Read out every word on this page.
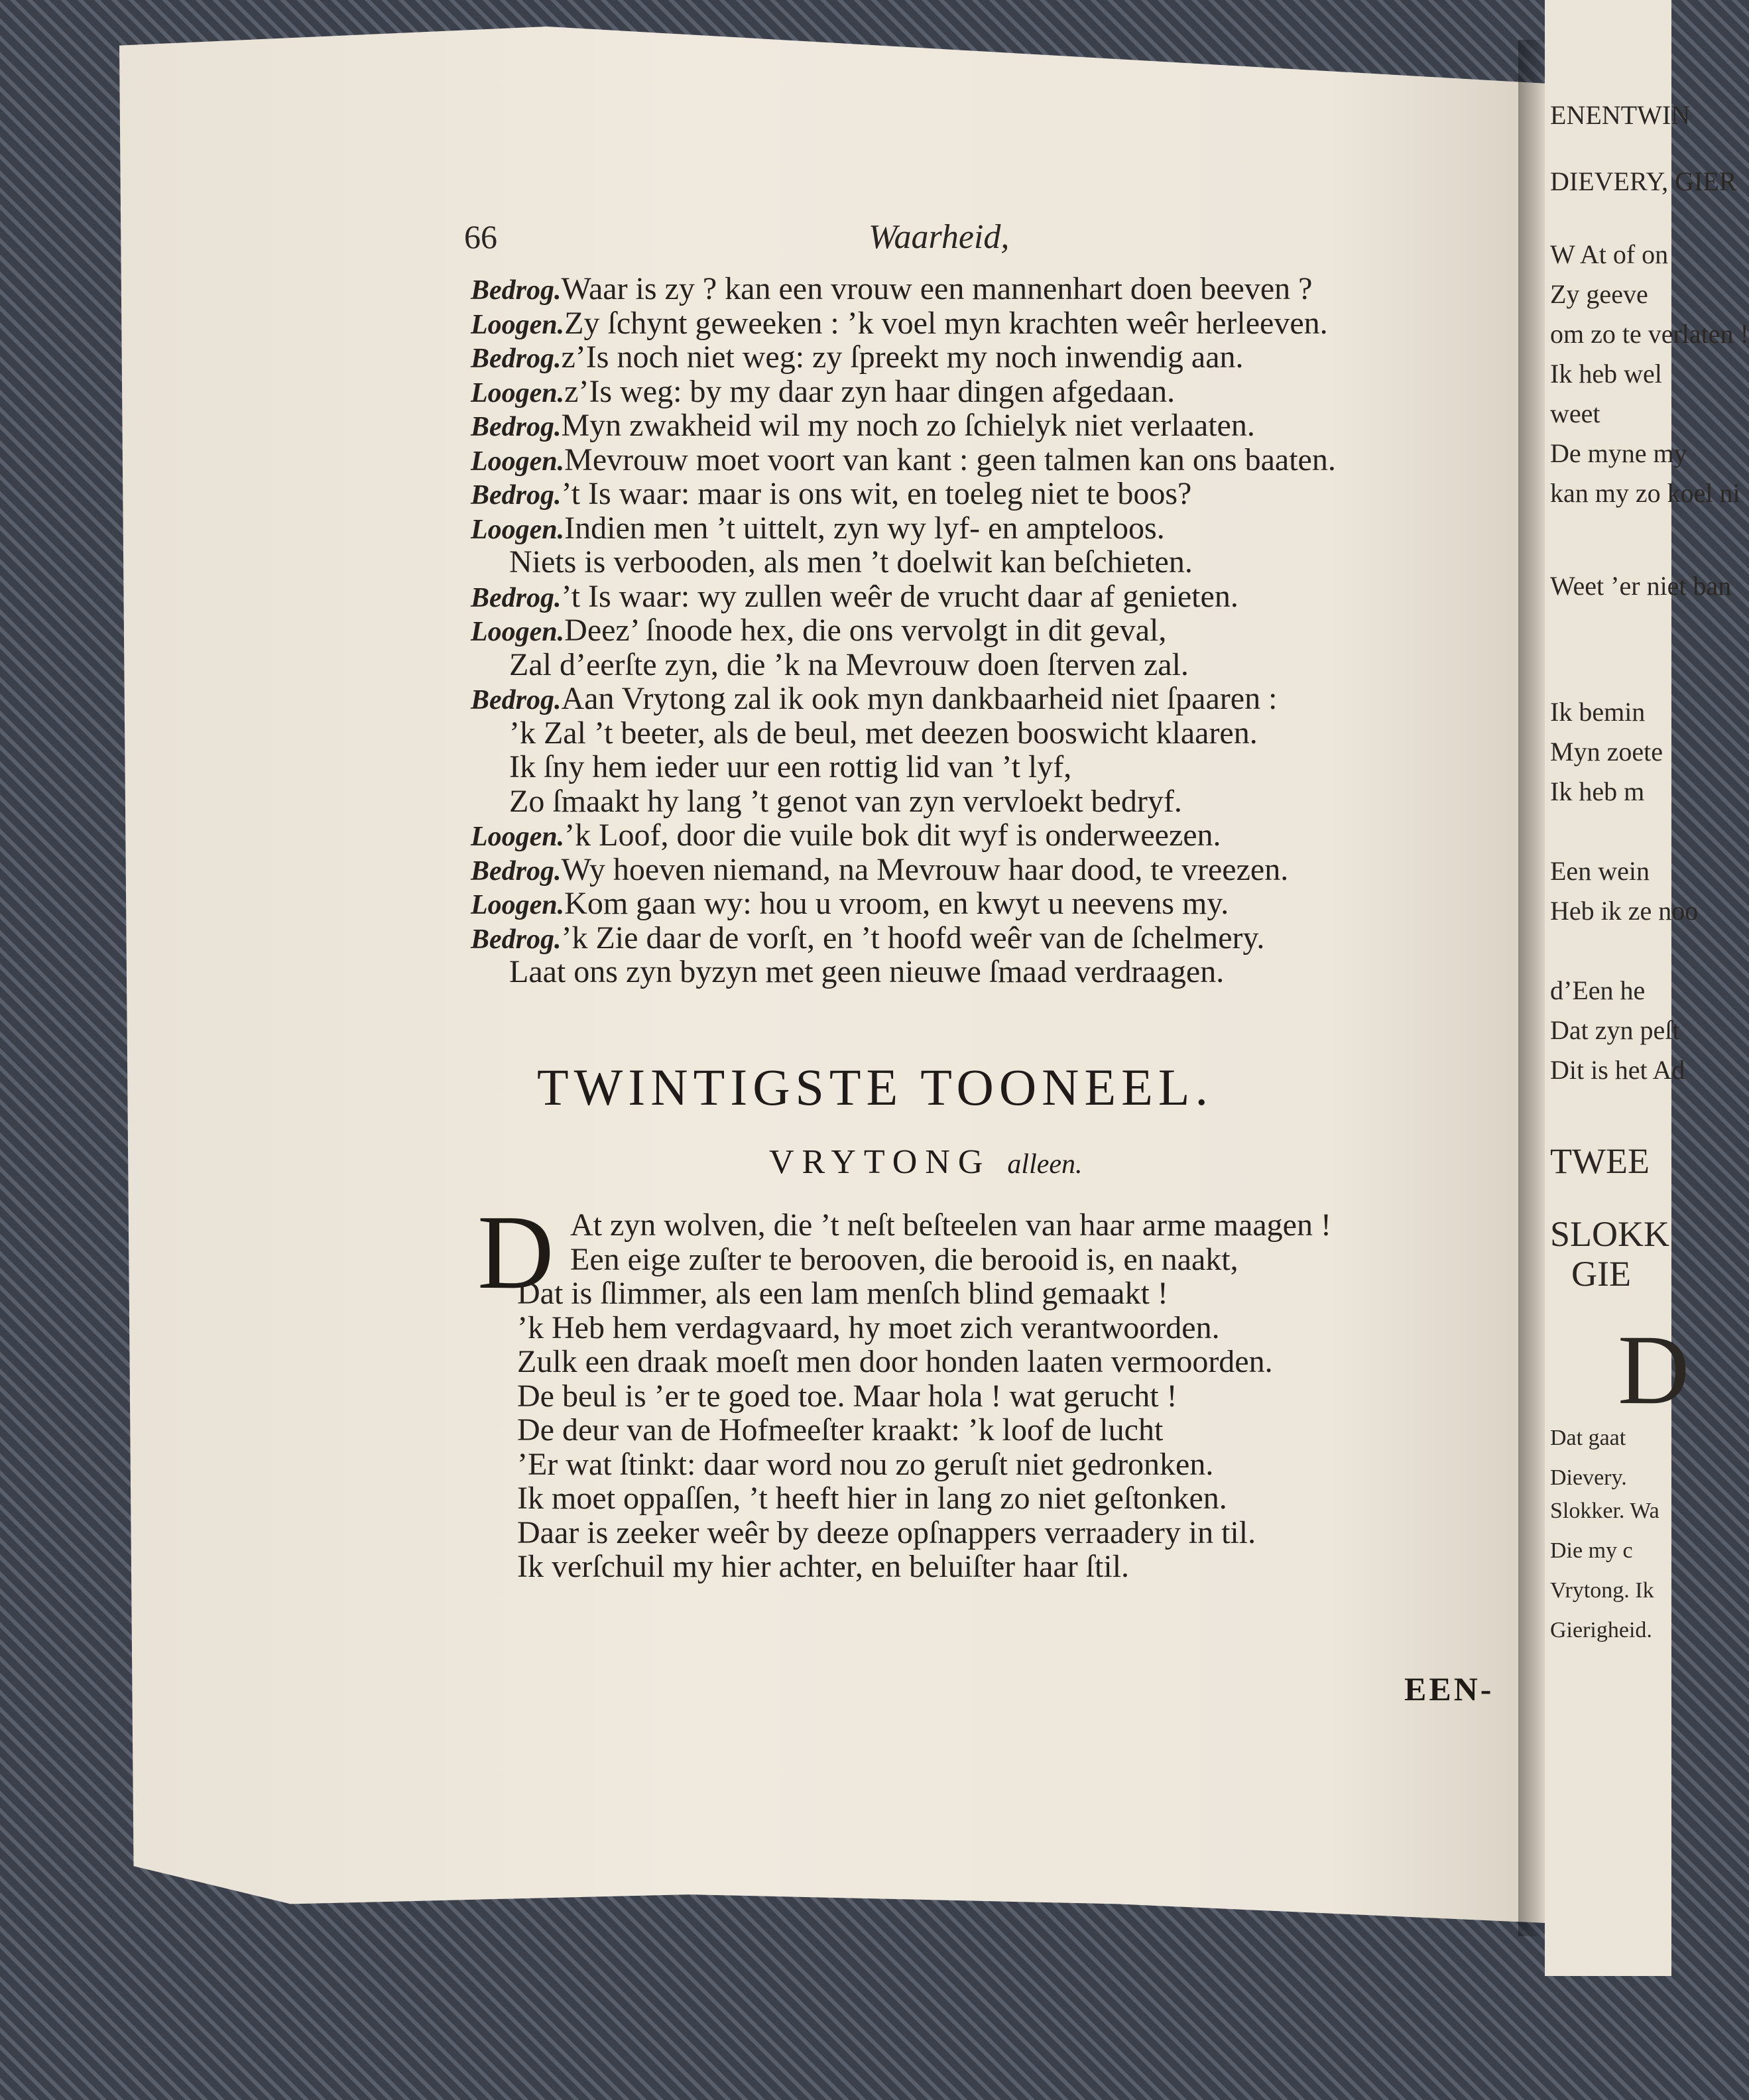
ENENTWIN
DIEVERY, GIER
W At of on
Zy geeve
om zo te verlaten !
Ik heb wel
weet
De myne my
kan my zo koel ni
Weet ’er niet ban
Ik bemin
Myn zoete
Ik heb m
Een wein
Heb ik ze noo
d’Een he
Dat zyn peſt
Dit is het Ad
TWEE
SLOKK
GIE
D
Dat gaat
Dievery.
Slokker. Wa
Die my c
Vrytong. Ik
Gierigheid.
66	Waarheid,
Bedrog.Waar is zy ? kan een vrouw een mannenhart doen beeven ?
Loogen.Zy ſchynt geweeken : ’k voel myn krachten weêr herleeven.
Bedrog.z’Is noch niet weg: zy ſpreekt my noch inwendig aan.
Loogen.z’Is weg: by my daar zyn haar dingen afgedaan.
Bedrog.Myn zwakheid wil my noch zo ſchielyk niet verlaaten.
Loogen.Mevrouw moet voort van kant : geen talmen kan ons baaten.
Bedrog.’t Is waar: maar is ons wit, en toeleg niet te boos?
Loogen.Indien men ’t uittelt, zyn wy lyf- en ampteloos.
Niets is verbooden, als men ’t doelwit kan beſchieten.
Bedrog.’t Is waar: wy zullen weêr de vrucht daar af genieten.
Loogen.Deez’ ſnoode hex, die ons vervolgt in dit geval,
Zal d’eerſte zyn, die ’k na Mevrouw doen ſterven zal.
Bedrog.Aan Vrytong zal ik ook myn dankbaarheid niet ſpaaren :
’k Zal ’t beeter, als de beul, met deezen booswicht klaaren.
Ik ſny hem ieder uur een rottig lid van ’t lyf,
Zo ſmaakt hy lang ’t genot van zyn vervloekt bedryf.
Loogen.’k Loof, door die vuile bok dit wyf is onderweezen.
Bedrog.Wy hoeven niemand, na Mevrouw haar dood, te vreezen.
Loogen.Kom gaan wy: hou u vroom, en kwyt u neevens my.
Bedrog.’k Zie daar de vorſt, en ’t hoofd weêr van de ſchelmery.
Laat ons zyn byzyn met geen nieuwe ſmaad verdraagen.
TWINTIGSTE TOONEEL.
VRYTONG alleen.
D At zyn wolven, die ’t neſt beſteelen van haar arme maagen !
Een eige zuſter te berooven, die berooid is, en naakt,
Dat is ſlimmer, als een lam menſch blind gemaakt !
’k Heb hem verdagvaard, hy moet zich verantwoorden.
Zulk een draak moeſt men door honden laaten vermoorden.
De beul is ’er te goed toe. Maar hola ! wat gerucht !
De deur van de Hofmeeſter kraakt: ’k loof de lucht
’Er wat ſtinkt: daar word nou zo geruſt niet gedronken.
Ik moet oppaſſen, ’t heeft hier in lang zo niet geſtonken.
Daar is zeeker weêr by deeze opſnappers verraadery in til.
Ik verſchuil my hier achter, en beluiſter haar ſtil.
EEN-
